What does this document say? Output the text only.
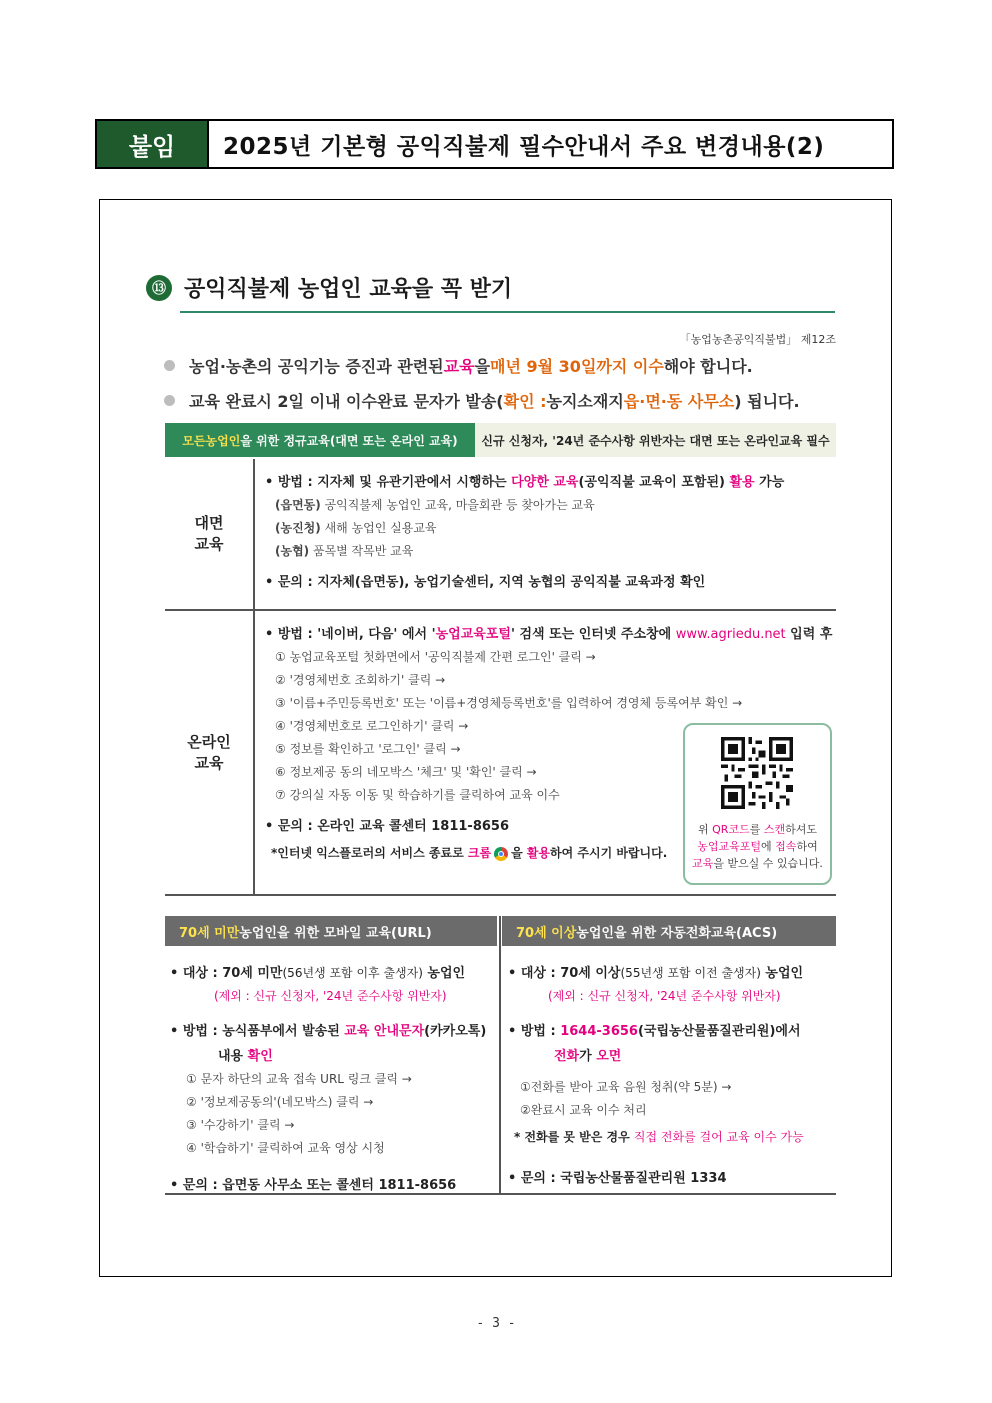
붙임	2025년 기본형 공익직불제 필수안내서 주요 변경내용(2)
⑬ 공익직불제 농업인 교육을 꼭 받기
「농업농촌공익직불법」 제12조
농업·농촌의 공익기능 증진과 관련된 교육 을 매년 9월 30일까지 이수 해야 합니다.
교육 완료시 2일 이내 이수완료 문자가 발송( 확인 : 농지소재지 읍·면·동 사무소 ) 됩니다.
모든농업인 을 위한 정규교육(대면 또는 온라인 교육)	신규 신청자, '24년 준수사항 위반자는 대면 또는 온라인교육 필수
대면
교육
• 방법 : 지자체 및 유관기관에서 시행하는 다양한 교육(공익직불 교육이 포함된) 활용 가능
(읍면동) 공익직불제 농업인 교육, 마을회관 등 찾아가는 교육
(농진청) 새해 농업인 실용교육
(농협) 품목별 작목반 교육
• 문의 : 지자체(읍면동), 농업기술센터, 지역 농협의 공익직불 교육과정 확인
온라인
교육
• 방법 : '네이버, 다음' 에서 '농업교육포털' 검색 또는 인터넷 주소창에 www.agriedu.net 입력 후
① 농업교육포털 첫화면에서 '공익직불제 간편 로그인' 클릭 →
② '경영체번호 조회하기' 클릭 →
③ '이름+주민등록번호' 또는 '이름+경영체등록번호'를 입력하여 경영체 등록여부 확인 →
④ '경영체번호로 로그인하기' 클릭 →
⑤ 정보를 확인하고 '로그인' 클릭 →
⑥ 정보제공 동의 네모박스 '체크' 및 '확인' 클릭 →
⑦ 강의실 자동 이동 및 학습하기를 클릭하여 교육 이수
• 문의 : 온라인 교육 콜센터 1811-8656
*인터넷 익스플로러의 서비스 종료로 크롬 을 활용하여 주시기 바랍니다.
위 QR코드를 스캔하셔도
농업교육포털에 접속하여
교육을 받으실 수 있습니다.
70세 미만 농업인을 위한 모바일 교육(URL)	70세 이상 농업인을 위한 자동전화교육(ACS)
• 대상 : 70세 미만(56년생 포함 이후 출생자) 농업인
(제외 : 신규 신청자, '24년 준수사항 위반자)
• 방법 : 농식품부에서 발송된 교육 안내문자(카카오톡)
내용 확인
① 문자 하단의 교육 접속 URL 링크 클릭 →
② '정보제공동의'(네모박스) 클릭 →
③ '수강하기' 클릭 →
④ '학습하기' 클릭하여 교육 영상 시청
• 문의 : 읍면동 사무소 또는 콜센터 1811-8656
• 대상 : 70세 이상(55년생 포함 이전 출생자) 농업인
(제외 : 신규 신청자, '24년 준수사항 위반자)
• 방법 : 1644-3656(국립농산물품질관리원)에서
전화가 오면
①전화를 받아 교육 음원 청취(약 5분) →
②완료시 교육 이수 처리
* 전화를 못 받은 경우 직접 전화를 걸어 교육 이수 가능
• 문의 : 국립농산물품질관리원 1334
- 3 -
